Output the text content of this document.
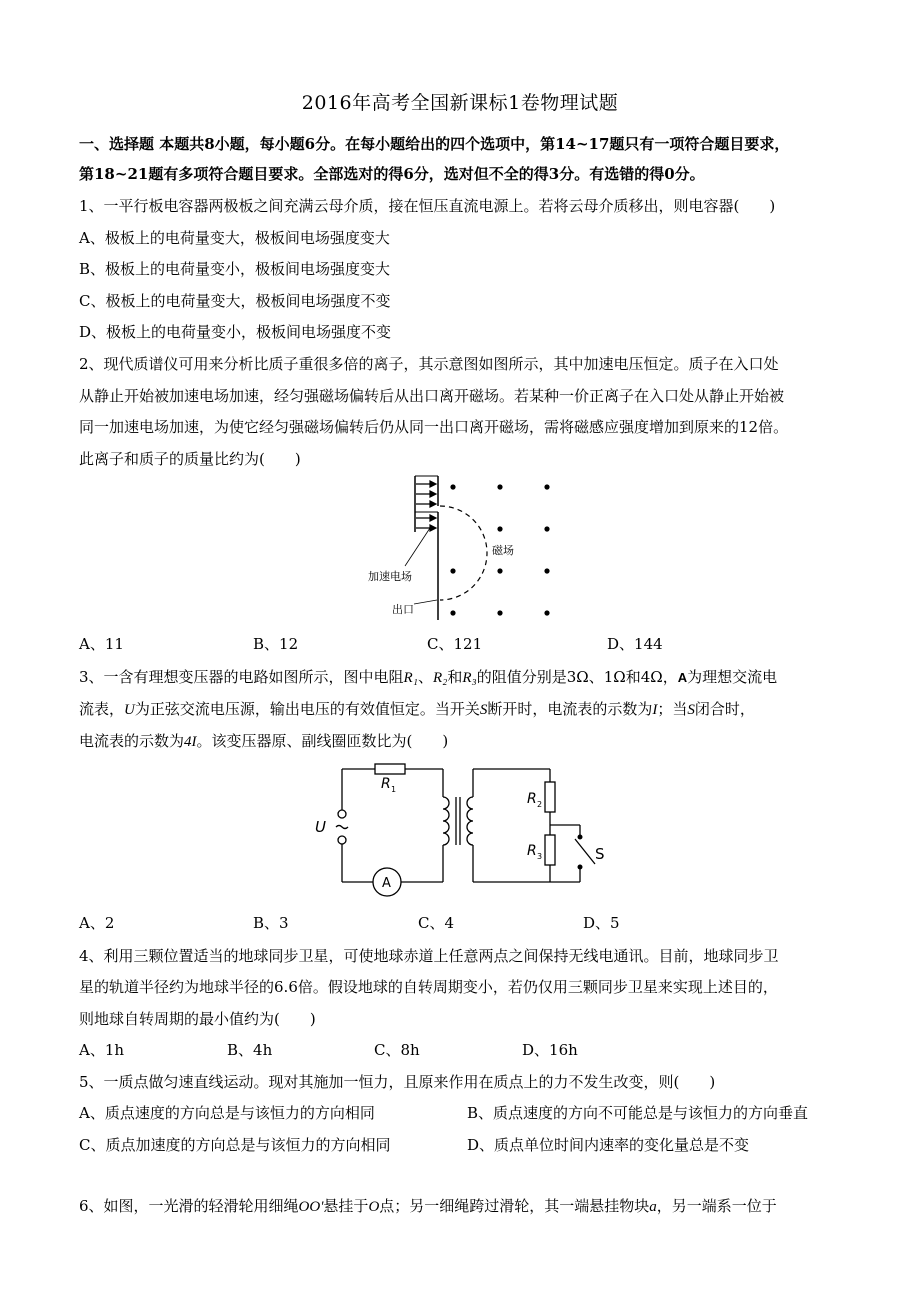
2016年高考全国新课标1卷物理试题
一、选择题 本题共8小题，每小题6分。在每小题给出的四个选项中，第14~17题只有一项符合题目要求，
第18~21题有多项符合题目要求。全部选对的得6分，选对但不全的得3分。有选错的得0分。
1、一平行板电容器两极板之间充满云母介质，接在恒压直流电源上。若将云母介质移出，则电容器(　　)
A、极板上的电荷量变大，极板间电场强度变大
B、极板上的电荷量变小，极板间电场强度变大
C、极板上的电荷量变大，极板间电场强度不变
D、极板上的电荷量变小，极板间电场强度不变
2、现代质谱仪可用来分析比质子重很多倍的离子，其示意图如图所示，其中加速电压恒定。质子在入口处
从静止开始被加速电场加速，经匀强磁场偏转后从出口离开磁场。若某种一价正离子在入口处从静止开始被
同一加速电场加速，为使它经匀强磁场偏转后仍从同一出口离开磁场，需将磁感应强度增加到原来的12倍。
此离子和质子的质量比约为(　　)
加速电场
出口
磁场
A、11	B、12	C、121	D、144
3、一含有理想变压器的电路如图所示，图中电阻R₁、R₂和R₃的阻值分别是3Ω、1Ω和4Ω，A为理想交流电
流表，U为正弦交流电压源，输出电压的有效值恒定。当开关S断开时，电流表的示数为I；当S闭合时，
电流表的示数为4I。该变压器原、副线圈匝数比为(　　)
R 1
R 2
R 3
U
S
A
A、2	B、3	C、4	D、5
4、利用三颗位置适当的地球同步卫星，可使地球赤道上任意两点之间保持无线电通讯。目前，地球同步卫
星的轨道半径约为地球半径的6.6倍。假设地球的自转周期变小，若仍仅用三颗同步卫星来实现上述目的，
则地球自转周期的最小值约为(　　)
A、1h	B、4h	C、8h	D、16h
5、一质点做匀速直线运动。现对其施加一恒力，且原来作用在质点上的力不发生改变，则(　　)
A、质点速度的方向总是与该恒力的方向相同	B、质点速度的方向不可能总是与该恒力的方向垂直
C、质点加速度的方向总是与该恒力的方向相同	D、质点单位时间内速率的变化量总是不变
6、如图，一光滑的轻滑轮用细绳OO'悬挂于O点；另一细绳跨过滑轮，其一端悬挂物块a，另一端系一位于
